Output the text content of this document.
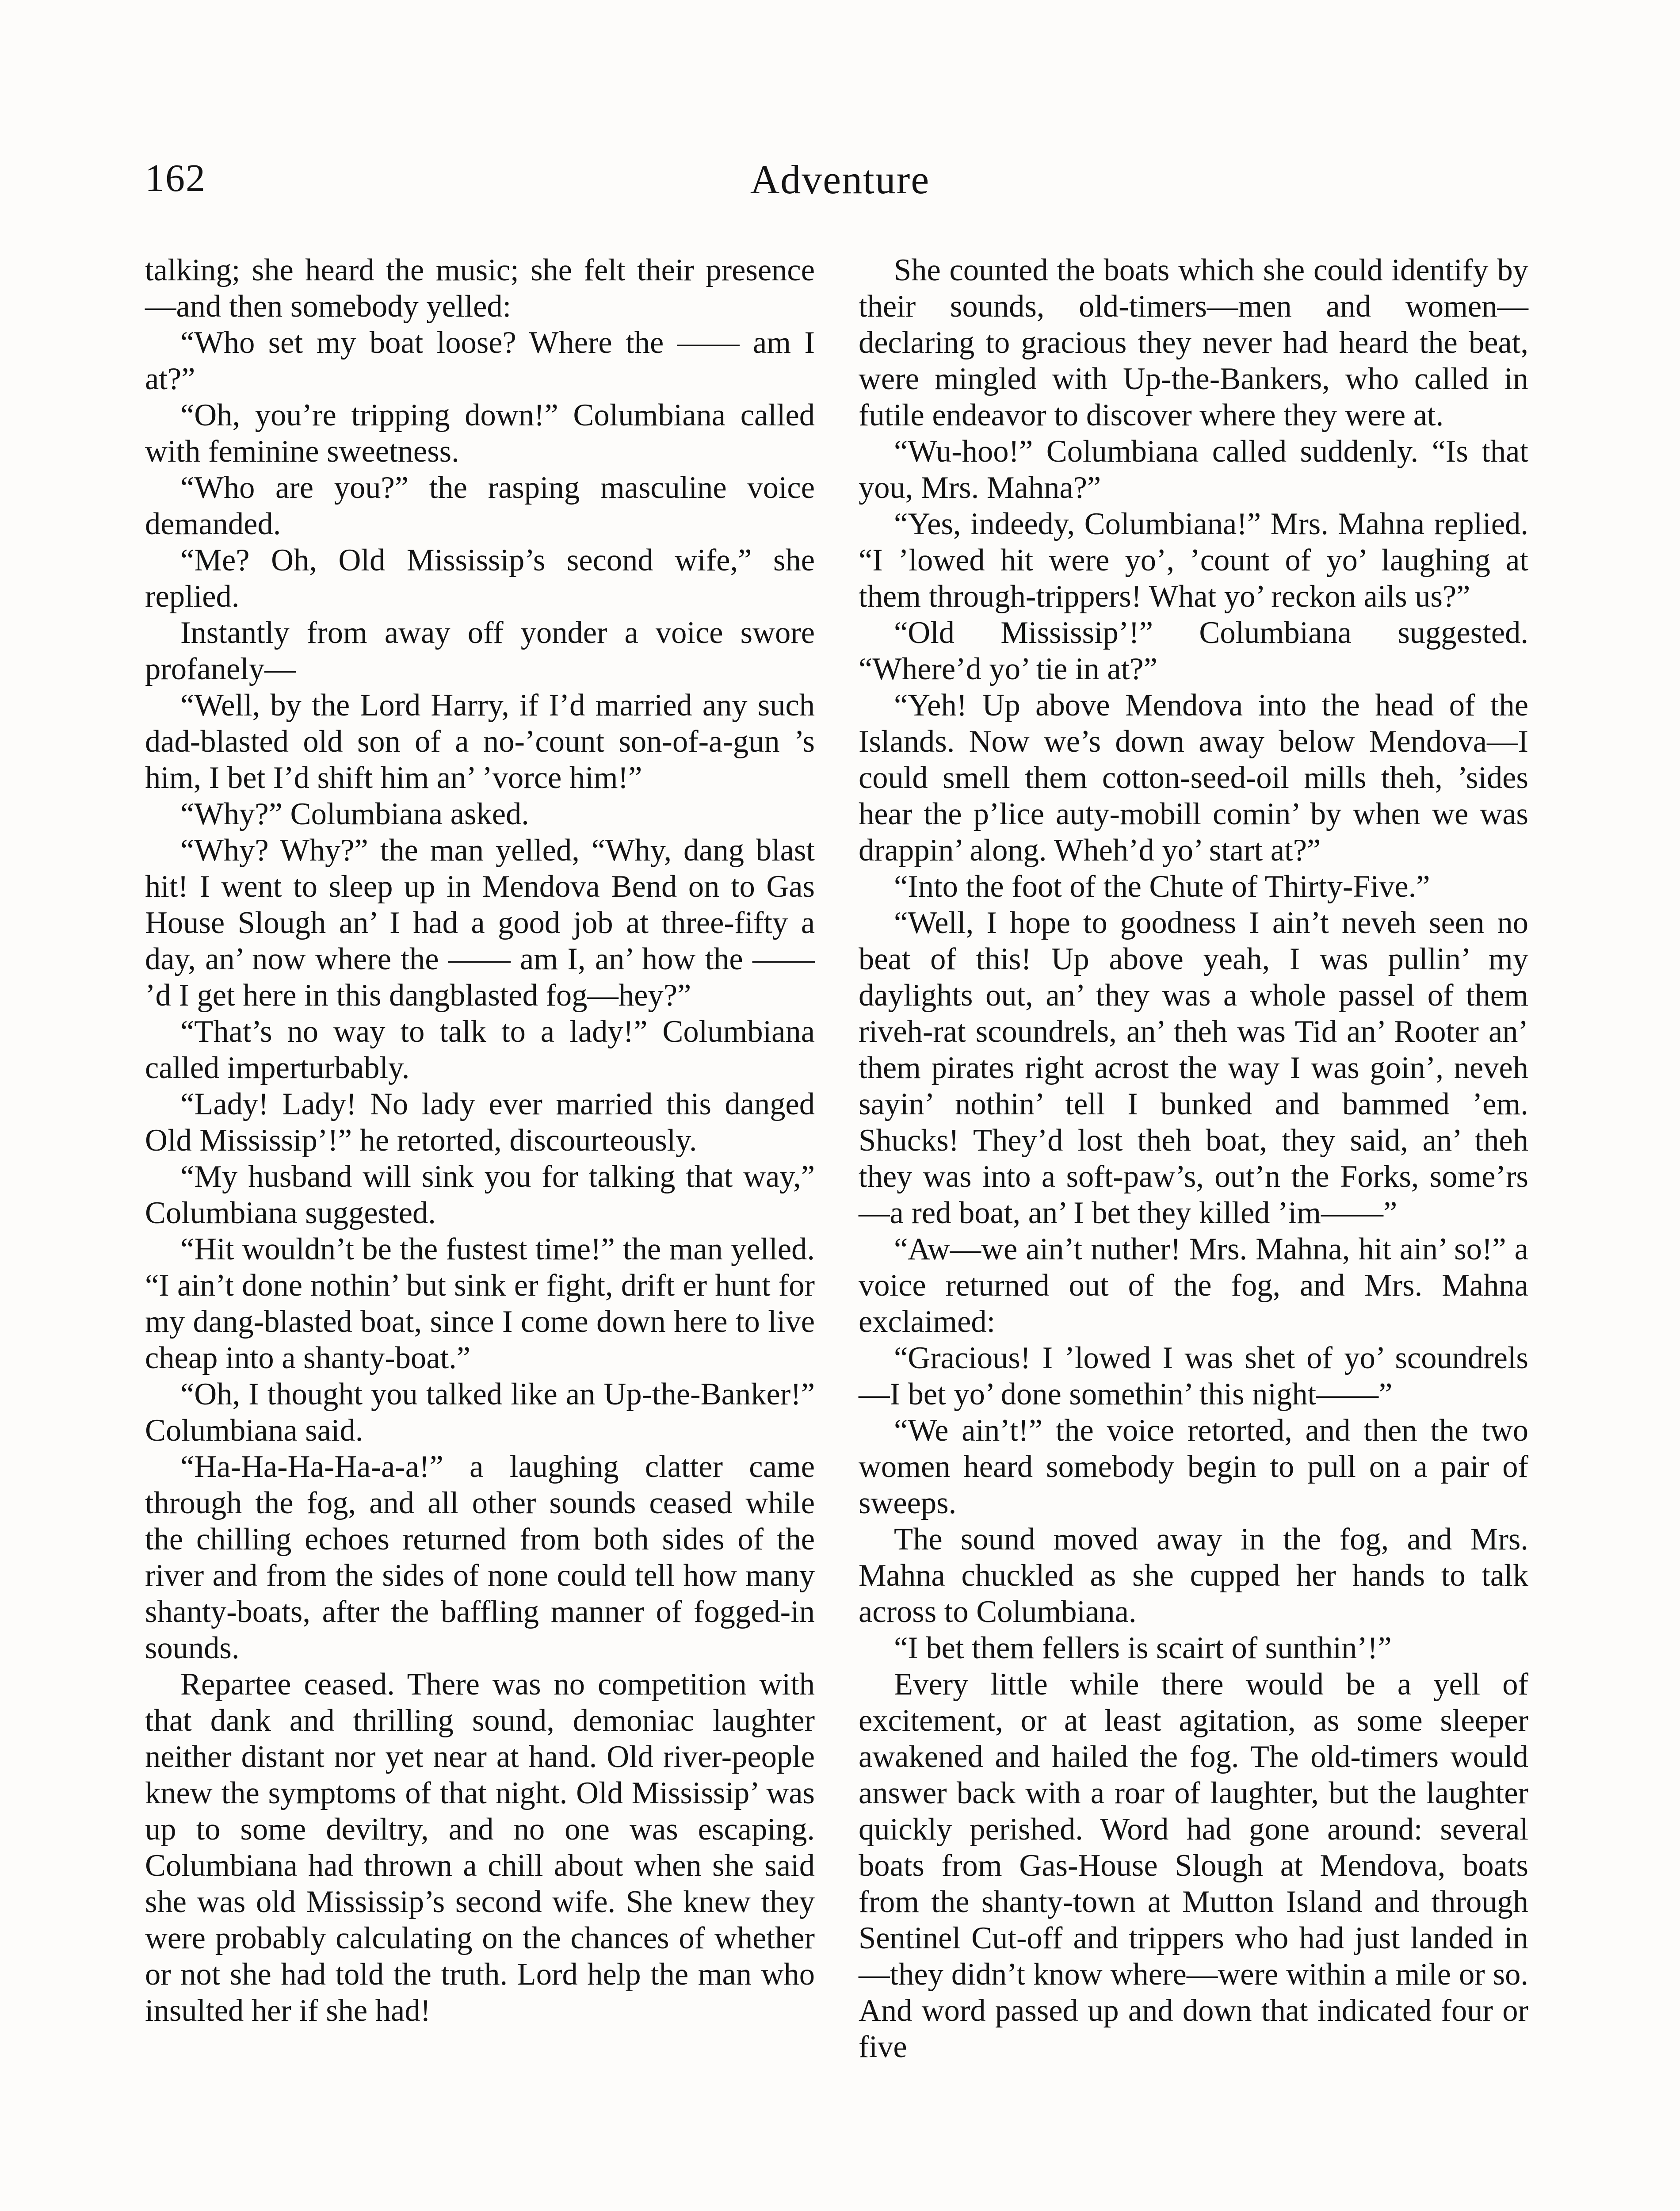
162	Adventure

talking; she heard the music; she felt their presence—and then somebody yelled:

“Who set my boat loose? Where the —— am I at?”

“Oh, you’re tripping down!” Columbiana called with feminine sweetness.

“Who are you?” the rasping masculine voice demanded.

“Me? Oh, Old Mississip’s second wife,” she replied.

Instantly from away off yonder a voice swore profanely—

“Well, by the Lord Harry, if I’d married any such dad-blasted old son of a no-’count son-of-a-gun ’s him, I bet I’d shift him an’ ’vorce him!”

“Why?” Columbiana asked.

“Why? Why?” the man yelled, “Why, dang blast hit! I went to sleep up in Mendova Bend on to Gas House Slough an’ I had a good job at three-fifty a day, an’ now where the —— am I, an’ how the —— ’d I get here in this dangblasted fog—hey?”

“That’s no way to talk to a lady!” Columbiana called imperturbably.

“Lady! Lady! No lady ever married this danged Old Mississip’!” he retorted, discourteously.

“My husband will sink you for talking that way,” Columbiana suggested.

“Hit wouldn’t be the fustest time!” the man yelled. “I ain’t done nothin’ but sink er fight, drift er hunt for my dang-blasted boat, since I come down here to live cheap into a shanty-boat.”

“Oh, I thought you talked like an Up-the-Banker!” Columbiana said.

“Ha-Ha-Ha-Ha-a-a!” a laughing clatter came through the fog, and all other sounds ceased while the chilling echoes returned from both sides of the river and from the sides of none could tell how many shanty-boats, after the baffling manner of fogged-in sounds.

Repartee ceased. There was no competition with that dank and thrilling sound, demoniac laughter neither distant nor yet near at hand. Old river-people knew the symptoms of that night. Old Mississip’ was up to some deviltry, and no one was escaping. Columbiana had thrown a chill about when she said she was old Mississip’s second wife. She knew they were probably calculating on the chances of whether or not she had told the truth. Lord help the man who insulted her if she had!

She counted the boats which she could identify by their sounds, old-timers—men and women—declaring to gracious they never had heard the beat, were mingled with Up-the-Bankers, who called in futile endeavor to discover where they were at.

“Wu-hoo!” Columbiana called suddenly. “Is that you, Mrs. Mahna?”

“Yes, indeedy, Columbiana!” Mrs. Mahna replied. “I ’lowed hit were yo’, ’count of yo’ laughing at them through-trippers! What yo’ reckon ails us?”

“Old Mississip’!” Columbiana suggested. “Where’d yo’ tie in at?”

“Yeh! Up above Mendova into the head of the Islands. Now we’s down away below Mendova—I could smell them cotton-seed-oil mills theh, ’sides hear the p’lice auty-mobill comin’ by when we was drappin’ along. Wheh’d yo’ start at?”

“Into the foot of the Chute of Thirty-Five.”

“Well, I hope to goodness I ain’t neveh seen no beat of this! Up above yeah, I was pullin’ my daylights out, an’ they was a whole passel of them riveh-rat scoundrels, an’ theh was Tid an’ Rooter an’ them pirates right acrost the way I was goin’, neveh sayin’ nothin’ tell I bunked and bammed ’em. Shucks! They’d lost theh boat, they said, an’ theh they was into a soft-paw’s, out’n the Forks, some’rs—a red boat, an’ I bet they killed ’im——”

“Aw—we ain’t nuther! Mrs. Mahna, hit ain’ so!” a voice returned out of the fog, and Mrs. Mahna exclaimed:

“Gracious! I ’lowed I was shet of yo’ scoundrels—I bet yo’ done somethin’ this night——”

“We ain’t!” the voice retorted, and then the two women heard somebody begin to pull on a pair of sweeps.

The sound moved away in the fog, and Mrs. Mahna chuckled as she cupped her hands to talk across to Columbiana.

“I bet them fellers is scairt of sunthin’!”

Every little while there would be a yell of excitement, or at least agitation, as some sleeper awakened and hailed the fog. The old-timers would answer back with a roar of laughter, but the laughter quickly perished. Word had gone around: several boats from Gas-House Slough at Mendova, boats from the shanty-town at Mutton Island and through Sentinel Cut-off and trippers who had just landed in—they didn’t know where—were within a mile or so. And word passed up and down that indicated four or five
